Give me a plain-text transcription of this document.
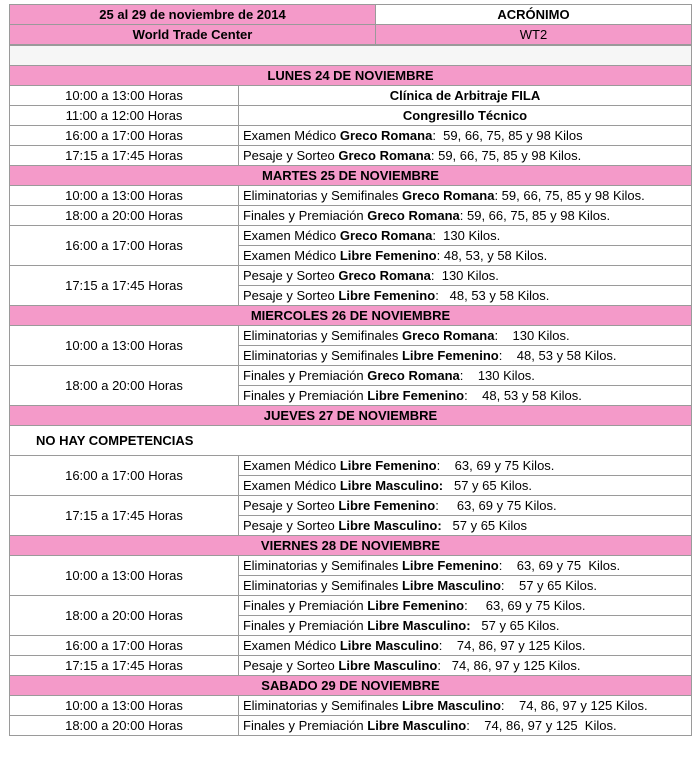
25 al 29 de noviembre de 2014	ACRÓNIMO
World Trade Center	WT2

LUNES 24 DE NOVIEMBRE	
10:00 a 13:00 Horas	Clínica de Arbitraje FILA
11:00 a 12:00 Horas	Congresillo Técnico
16:00 a 17:00 Horas	Examen Médico Greco Romana:  59, 66, 75, 85 y 98 Kilos
17:15 a 17:45 Horas	Pesaje y Sorteo Greco Romana: 59, 66, 75, 85 y 98 Kilos.
MARTES 25 DE NOVIEMBRE	
10:00 a 13:00 Horas	Eliminatorias y Semifinales Greco Romana: 59, 66, 75, 85 y 98 Kilos.
18:00 a 20:00 Horas	Finales y Premiación Greco Romana: 59, 66, 75, 85 y 98 Kilos.
16:00 a 17:00 Horas	Examen Médico Greco Romana:  130 Kilos.
	Examen Médico Libre Femenino: 48, 53, y 58 Kilos.
17:15 a 17:45 Horas	Pesaje y Sorteo Greco Romana:  130 Kilos.
	Pesaje y Sorteo Libre Femenino:   48, 53 y 58 Kilos.
MIERCOLES 26 DE NOVIEMBRE	
10:00 a 13:00 Horas	Eliminatorias y Semifinales Greco Romana:    130 Kilos.
	Eliminatorias y Semifinales Libre Femenino:    48, 53 y 58 Kilos.
18:00 a 20:00 Horas	Finales y Premiación Greco Romana:    130 Kilos.
	Finales y Premiación Libre Femenino:    48, 53 y 58 Kilos.
JUEVES 27 DE NOVIEMBRE	
NO HAY COMPETENCIAS	
16:00 a 17:00 Horas	Examen Médico Libre Femenino:    63, 69 y 75 Kilos.
	Examen Médico Libre Masculino:   57 y 65 Kilos.
17:15 a 17:45 Horas	Pesaje y Sorteo Libre Femenino:     63, 69 y 75 Kilos.
	Pesaje y Sorteo Libre Masculino:   57 y 65 Kilos
VIERNES 28 DE NOVIEMBRE	
10:00 a 13:00 Horas	Eliminatorias y Semifinales Libre Femenino:    63, 69 y 75  Kilos.
	Eliminatorias y Semifinales Libre Masculino:    57 y 65 Kilos.
18:00 a 20:00 Horas	Finales y Premiación Libre Femenino:     63, 69 y 75 Kilos.
	Finales y Premiación Libre Masculino:   57 y 65 Kilos.
16:00 a 17:00 Horas	Examen Médico Libre Masculino:    74, 86, 97 y 125 Kilos.
17:15 a 17:45 Horas	Pesaje y Sorteo Libre Masculino:   74, 86, 97 y 125 Kilos.
SABADO 29 DE NOVIEMBRE	
10:00 a 13:00 Horas	Eliminatorias y Semifinales Libre Masculino:    74, 86, 97 y 125 Kilos.
18:00 a 20:00 Horas	Finales y Premiación Libre Masculino:    74, 86, 97 y 125  Kilos.
